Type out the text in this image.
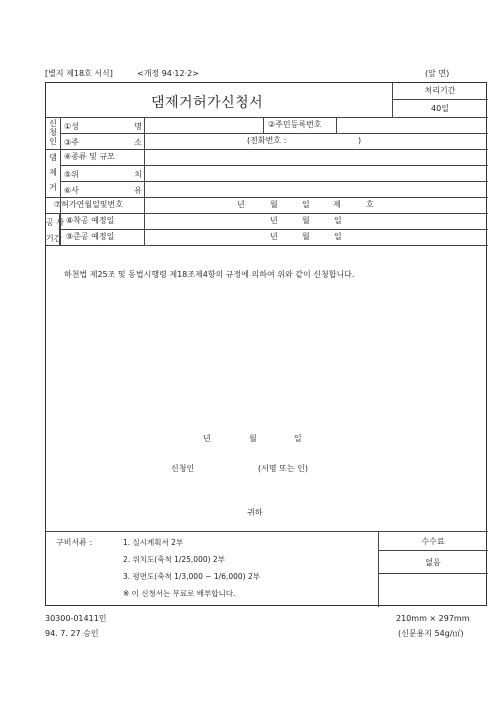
[별지 제18호 서식]	<개정 94·12·2>	(앞 면)
댐제거허가신청서
처리기간
40일
신
청
인
①성	명	②주민등록번호
③주	소	(전화번호 :	)
댐
제
거
④종류 및 규모
⑤위	치
⑥사	유
⑦허가연월일및번호	년	월	일	제	호
공 사
기간
⑧착공 예정일	년	월	일
⑨준공 예정일	년	월	일
하천법 제25조 및 동법시행령 제18조제4항의 규정에 의하여 위와 같이 신청합니다.
년	월	일
신청인	(서명 또는 인)
귀하
구비서류 :	1. 실시계획서 2부
2. 위치도(축척 1/25,000) 2부
3. 평면도(축척 1/3,000 ~ 1/6,000) 2부
※ 이 신청서는 무료로 배부합니다.
수수료
없음
30300-01411민
94. 7. 27 승인
210mm × 297mm
(신문용지 54g/㎡)
